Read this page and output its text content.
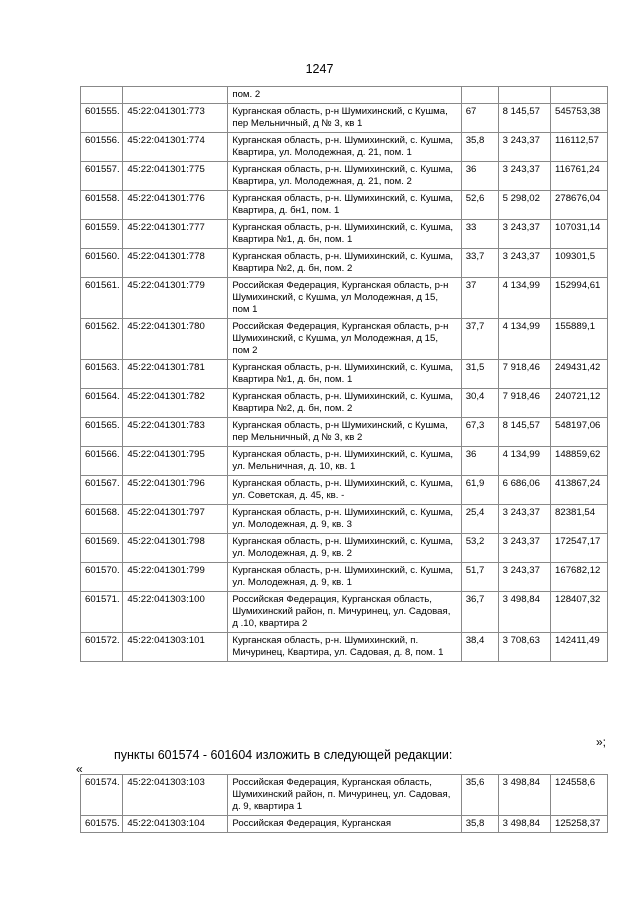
1247
		пом. 2			
601555.	45:22:041301:773	Курганская область, р-н Шумихинский, с Кушма, пер Мельничный, д № 3, кв 1	67	8 145,57	545753,38
601556.	45:22:041301:774	Курганская область, р-н. Шумихинский, с. Кушма, Квартира, ул. Молодежная, д. 21, пом. 1	35,8	3 243,37	116112,57
601557.	45:22:041301:775	Курганская область, р-н. Шумихинский, с. Кушма, Квартира, ул. Молодежная, д. 21, пом. 2	36	3 243,37	116761,24
601558.	45:22:041301:776	Курганская область, р-н. Шумихинский, с. Кушма, Квартира, д. бн1, пом. 1	52,6	5 298,02	278676,04
601559.	45:22:041301:777	Курганская область, р-н. Шумихинский, с. Кушма, Квартира №1, д. бн, пом. 1	33	3 243,37	107031,14
601560.	45:22:041301:778	Курганская область, р-н. Шумихинский, с. Кушма, Квартира №2, д. бн, пом. 2	33,7	3 243,37	109301,5
601561.	45:22:041301:779	Российская Федерация, Курганская область, р-н Шумихинский, с Кушма, ул Молодежная, д 15, пом 1	37	4 134,99	152994,61
601562.	45:22:041301:780	Российская Федерация, Курганская область, р-н Шумихинский, с Кушма, ул Молодежная, д 15, пом 2	37,7	4 134,99	155889,1
601563.	45:22:041301:781	Курганская область, р-н. Шумихинский, с. Кушма, Квартира №1, д. бн, пом. 1	31,5	7 918,46	249431,42
601564.	45:22:041301:782	Курганская область, р-н. Шумихинский, с. Кушма, Квартира №2, д. бн, пом. 2	30,4	7 918,46	240721,12
601565.	45:22:041301:783	Курганская область, р-н Шумихинский, с Кушма, пер Мельничный, д № 3, кв 2	67,3	8 145,57	548197,06
601566.	45:22:041301:795	Курганская область, р-н. Шумихинский, с. Кушма, ул. Мельничная, д. 10, кв. 1	36	4 134,99	148859,62
601567.	45:22:041301:796	Курганская область, р-н. Шумихинский, с. Кушма, ул. Советская, д. 45, кв. -	61,9	6 686,06	413867,24
601568.	45:22:041301:797	Курганская область, р-н. Шумихинский, с. Кушма, ул. Молодежная, д. 9, кв. 3	25,4	3 243,37	82381,54
601569.	45:22:041301:798	Курганская область, р-н. Шумихинский, с. Кушма, ул. Молодежная, д. 9, кв. 2	53,2	3 243,37	172547,17
601570.	45:22:041301:799	Курганская область, р-н. Шумихинский, с. Кушма, ул. Молодежная, д. 9, кв. 1	51,7	3 243,37	167682,12
601571.	45:22:041303:100	Российская Федерация, Курганская область, Шумихинский район, п. Мичуринец, ул. Садовая, д .10, квартира 2	36,7	3 498,84	128407,32
601572.	45:22:041303:101	Курганская область, р-н. Шумихинский, п. Мичуринец, Квартира, ул. Садовая, д. 8, пом. 1	38,4	3 708,63	142411,49
»;
пункты 601574 - 601604 изложить в следующей редакции:
«
601574.	45:22:041303:103	Российская Федерация, Курганская область, Шумихинский район, п. Мичуринец, ул. Садовая, д. 9, квартира 1	35,6	3 498,84	124558,6
601575.	45:22:041303:104	Российская Федерация, Курганская	35,8	3 498,84	125258,37
